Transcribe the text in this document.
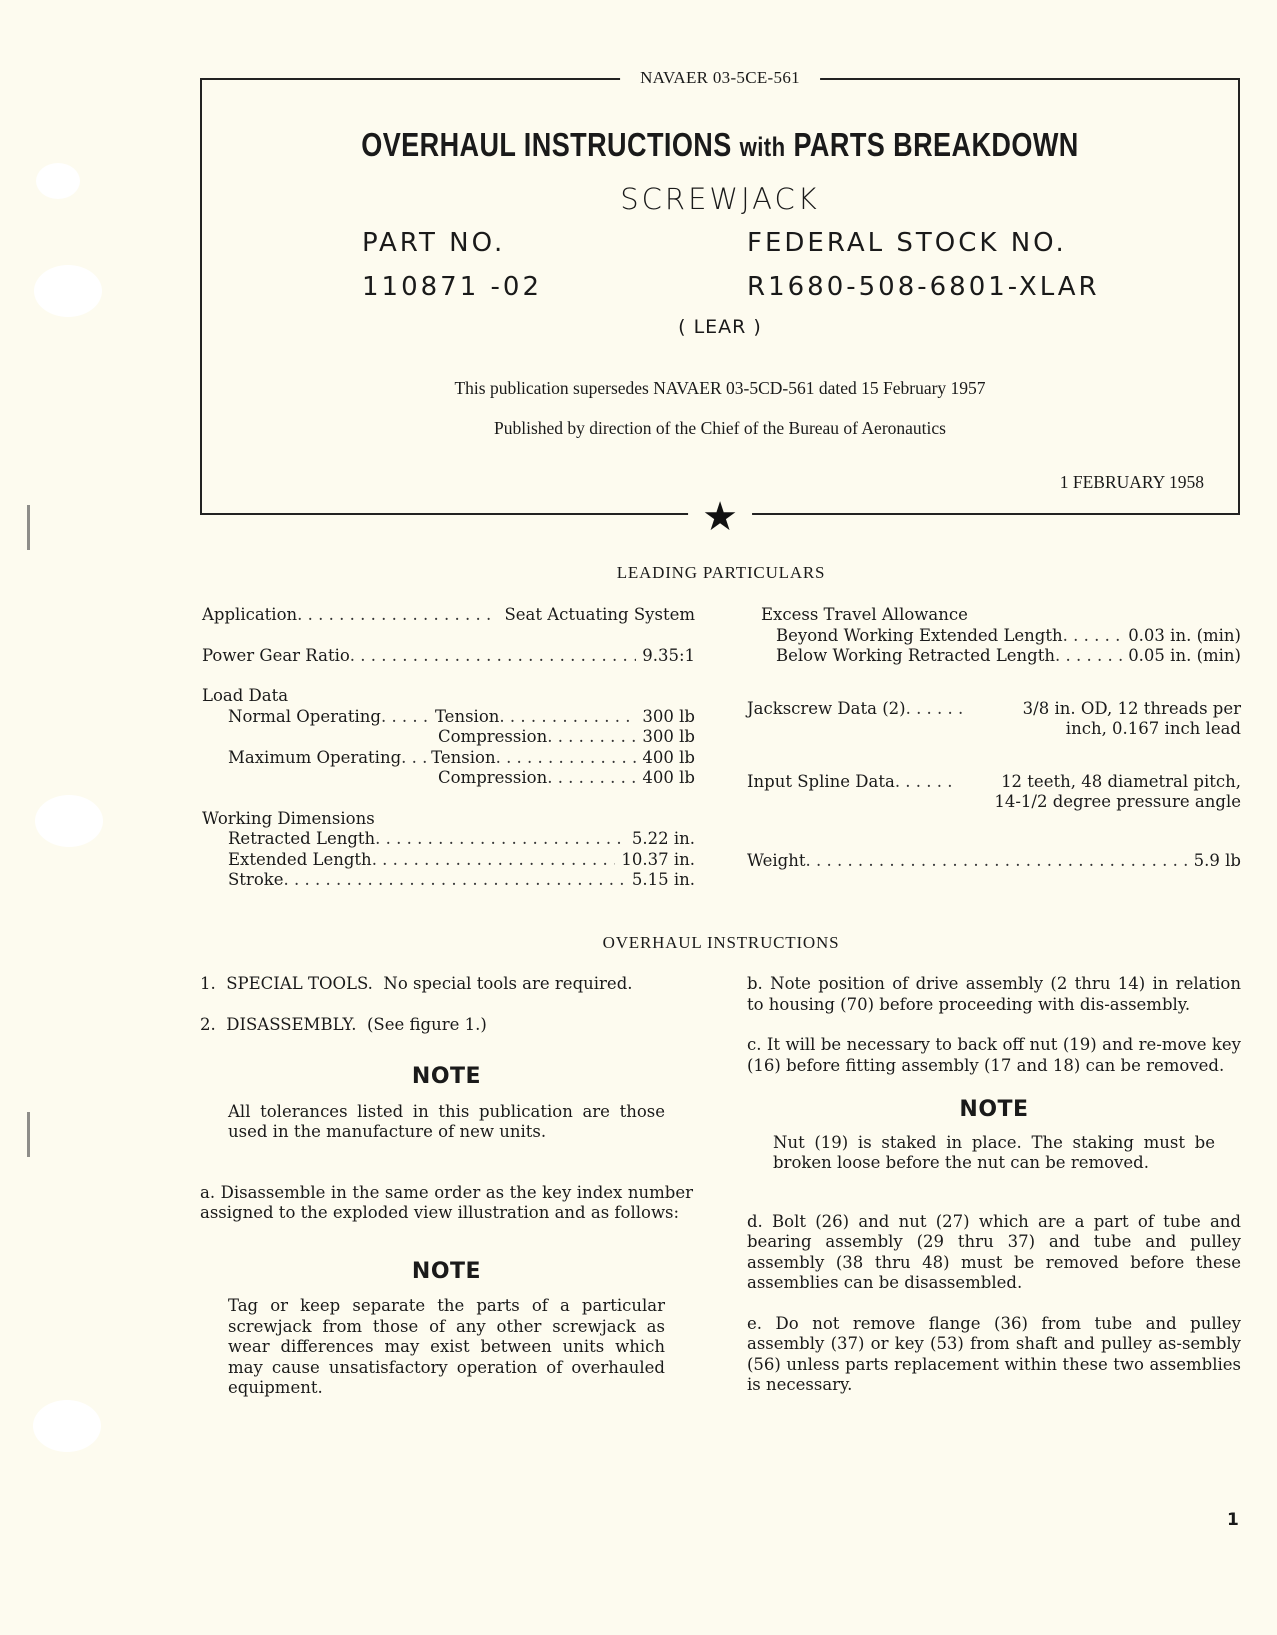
NAVAER 03-5CE-561
OVERHAUL INSTRUCTIONS with PARTS BREAKDOWN
SCREWJACK
PART NO.
110871 -02
FEDERAL STOCK NO.
R1680-508-6801-XLAR
( LEAR )
This publication supersedes NAVAER 03-5CD-561 dated 15 February 1957
Published by direction of the Chief of the Bureau of Aeronautics
1 FEBRUARY 1958
★
LEADING PARTICULARS
Application . . .	Seat Actuating System
Power Gear Ratio . . .	9.35:1
Load Data
Normal Operating . . .	Tension . . .	300 lb
Compression . . .	300 lb
Maximum Operating . . . Tension . . .	400 lb
Compression . . .	400 lb
Working Dimensions
Retracted Length . . .	5.22 in.
Extended Length . . .	10.37 in.
Stroke . . .	5.15 in.
Excess Travel Allowance
Beyond Working Extended Length . . .	0.03 in. (min)
Below Working Retracted Length . . .	0.05 in. (min)
Jackscrew Data (2) . . .	3/8 in. OD, 12 threads per
inch, 0.167 inch lead
Input Spline Data . . .	12 teeth, 48 diametral pitch,
14-1/2 degree pressure angle
Weight . . .	5.9 lb
OVERHAUL INSTRUCTIONS

1.  SPECIAL TOOLS.  No special tools are required.

2.  DISASSEMBLY.  (See figure 1.)

NOTE

All tolerances listed in this publication are those used in the manufacture of new units.

a. Disassemble in the same order as the key index number assigned to the exploded view illustration and as follows:

NOTE

Tag or keep separate the parts of a particular screwjack from those of any other screwjack as wear differences may exist between units which may cause unsatisfactory operation of overhauled equipment.

b. Note position of drive assembly (2 thru 14) in relation to housing (70) before proceeding with dis-assembly.

c. It will be necessary to back off nut (19) and re-move key (16) before fitting assembly (17 and 18) can be removed.

NOTE

Nut (19) is staked in place. The staking must be broken loose before the nut can be removed.

d. Bolt (26) and nut (27) which are a part of tube and bearing assembly (29 thru 37) and tube and pulley assembly (38 thru 48) must be removed before these assemblies can be disassembled.

e. Do not remove flange (36) from tube and pulley assembly (37) or key (53) from shaft and pulley as-sembly (56) unless parts replacement within these two assemblies is necessary.

1
